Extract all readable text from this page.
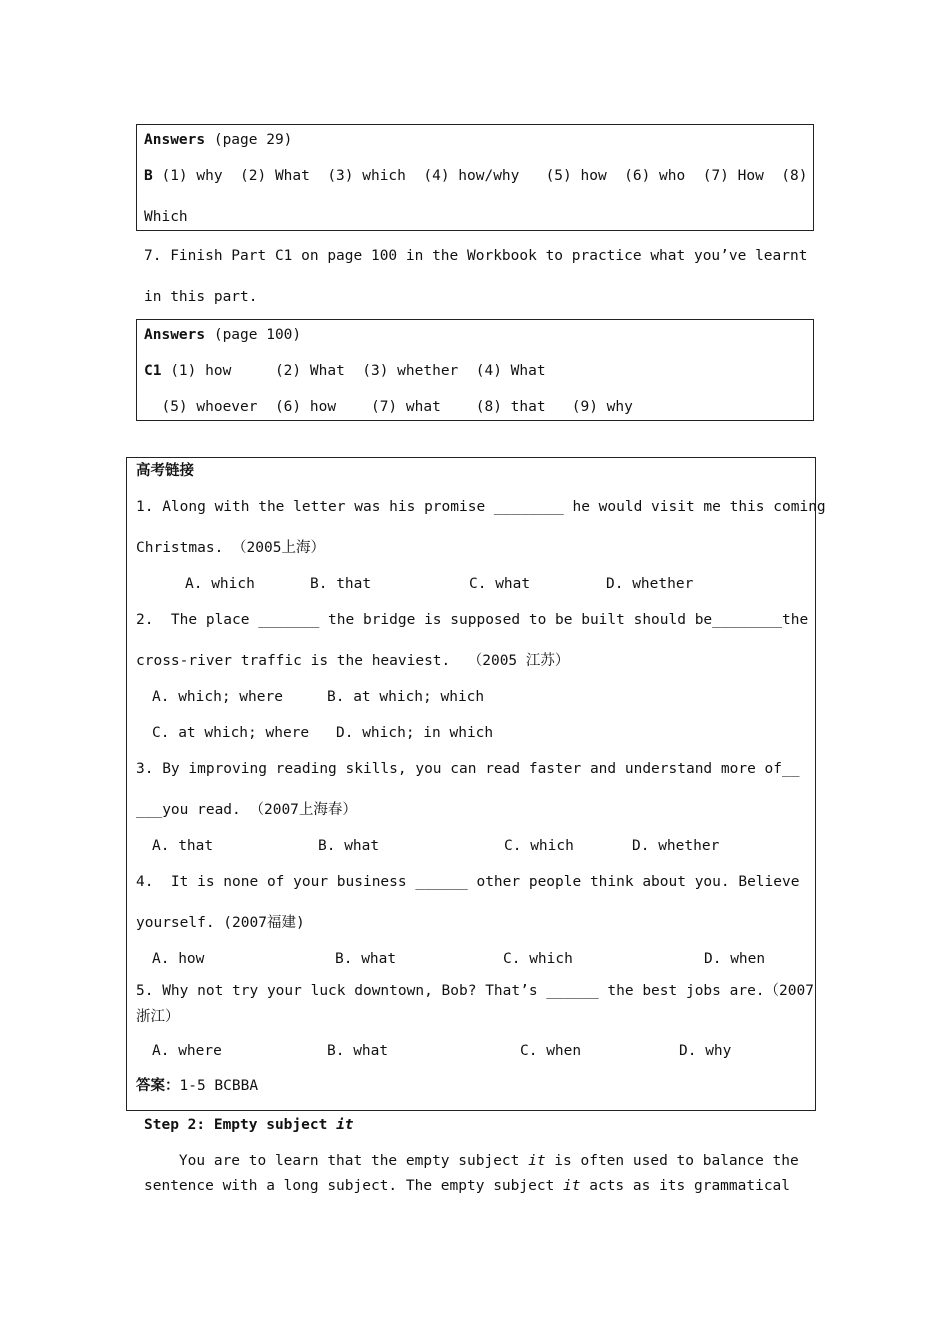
Answers (page 29)
B (1) why  (2) What  (3) which  (4) how/why   (5) how  (6) who  (7) How  (8)
Which
7. Finish Part C1 on page 100 in the Workbook to practice what you’ve learnt
in this part.
Answers (page 100)
C1 (1) how     (2) What  (3) whether  (4) What
(5) whoever  (6) how    (7) what    (8) that   (9) why
高考链接
1. Along with the letter was his promise ________ he would visit me this coming
Christmas. （2005上海）
A. which	B. that	C. what	D. whether
2.  The place _______ the bridge is supposed to be built should be________the
cross-river traffic is the heaviest.  （2005 江苏）
A. which; where	B. at which; which
C. at which; where D. which; in which
3. By improving reading skills, you can read faster and understand more of__
___you read. （2007上海春）
A. that	B. what	C. which	D. whether
4.  It is none of your business ______ other people think about you. Believe
yourself. (2007福建)
A. how	B. what	C. which	D. when
5. Why not try your luck downtown, Bob? That’s ______ the best jobs are.（2007
浙江）
A. where	B. what	C. when	D. why
答案：1-5 BCBBA
Step 2: Empty subject it
You are to learn that the empty subject it is often used to balance the
sentence with a long subject. The empty subject it acts as its grammatical
